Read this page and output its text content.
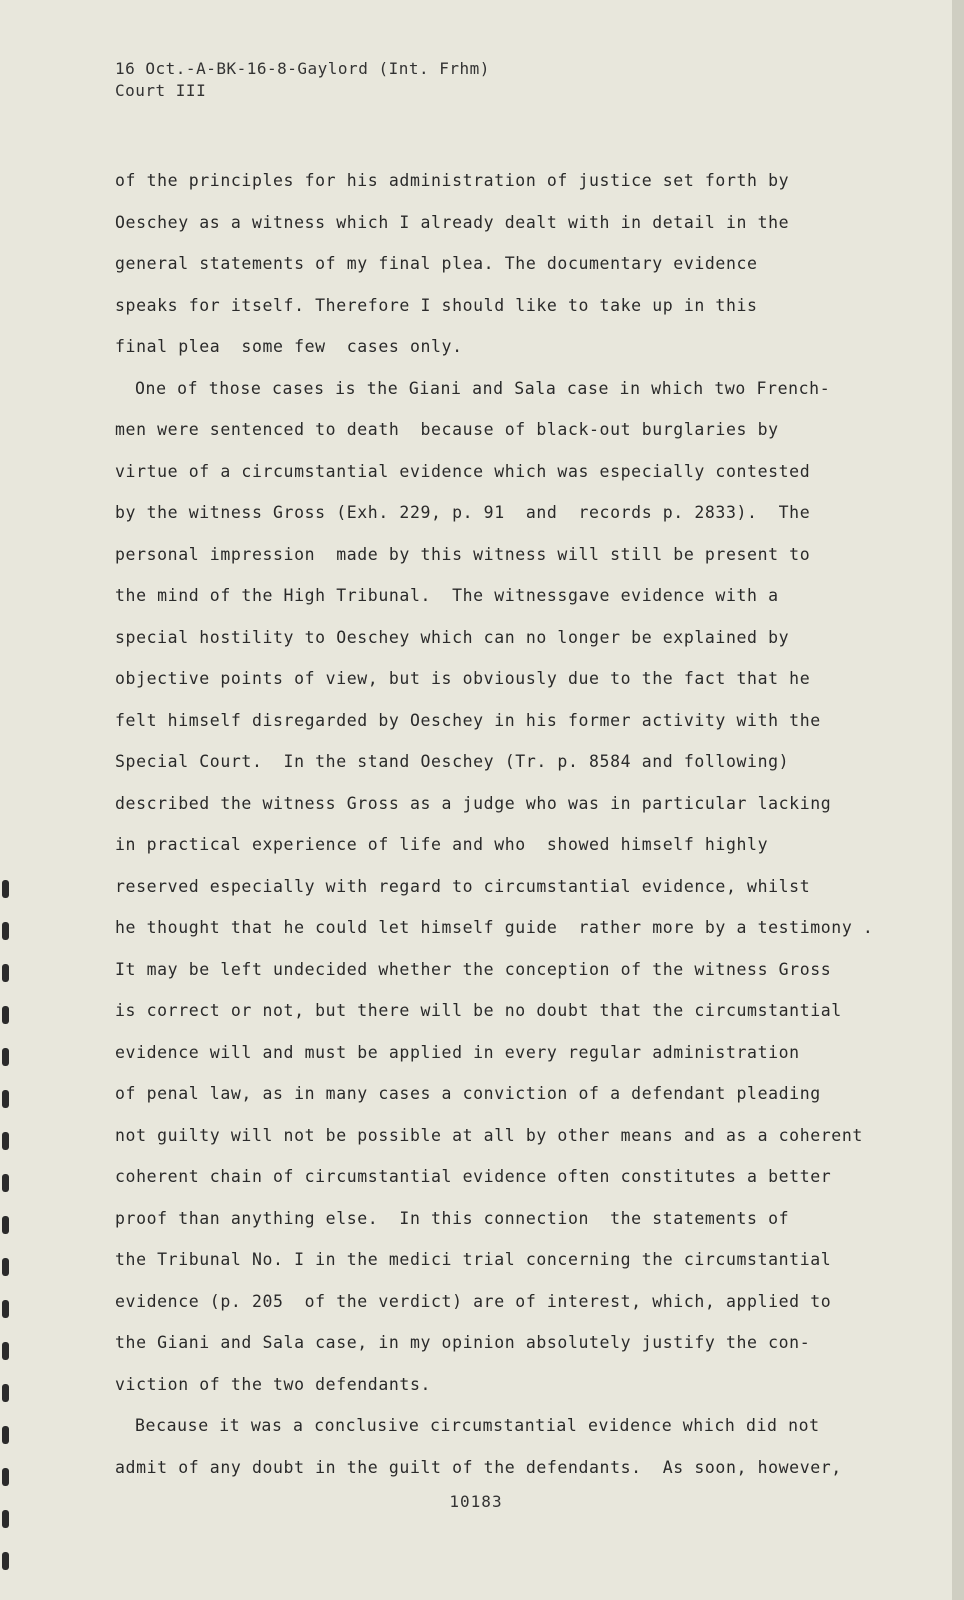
16 Oct.-A-BK-16-8-Gaylord (Int. Frhm)
Court III
of the principles for his administration of justice set forth by
Oeschey as a witness which I already dealt with in detail in the
general statements of my final plea. The documentary evidence
speaks for itself. Therefore I should like to take up in this
final plea  some few  cases only.
One of those cases is the Giani and Sala case in which two French-
men were sentenced to death  because of black-out burglaries by
virtue of a circumstantial evidence which was especially contested
by the witness Gross (Exh. 229, p. 91  and  records p. 2833).  The
personal impression  made by this witness will still be present to
the mind of the High Tribunal.  The witnessgave evidence with a
special hostility to Oeschey which can no longer be explained by
objective points of view, but is obviously due to the fact that he
felt himself disregarded by Oeschey in his former activity with the
Special Court.  In the stand Oeschey (Tr. p. 8584 and following)
described the witness Gross as a judge who was in particular lacking
in practical experience of life and who  showed himself highly
reserved especially with regard to circumstantial evidence, whilst
he thought that he could let himself guide  rather more by a testimony .
It may be left undecided whether the conception of the witness Gross
is correct or not, but there will be no doubt that the circumstantial
evidence will and must be applied in every regular administration
of penal law, as in many cases a conviction of a defendant pleading
not guilty will not be possible at all by other means and as a coherent
coherent chain of circumstantial evidence often constitutes a better
proof than anything else.  In this connection  the statements of
the Tribunal No. I in the medici trial concerning the circumstantial
evidence (p. 205  of the verdict) are of interest, which, applied to
the Giani and Sala case, in my opinion absolutely justify the con-
viction of the two defendants.
Because it was a conclusive circumstantial evidence which did not
admit of any doubt in the guilt of the defendants.  As soon, however,
10183
